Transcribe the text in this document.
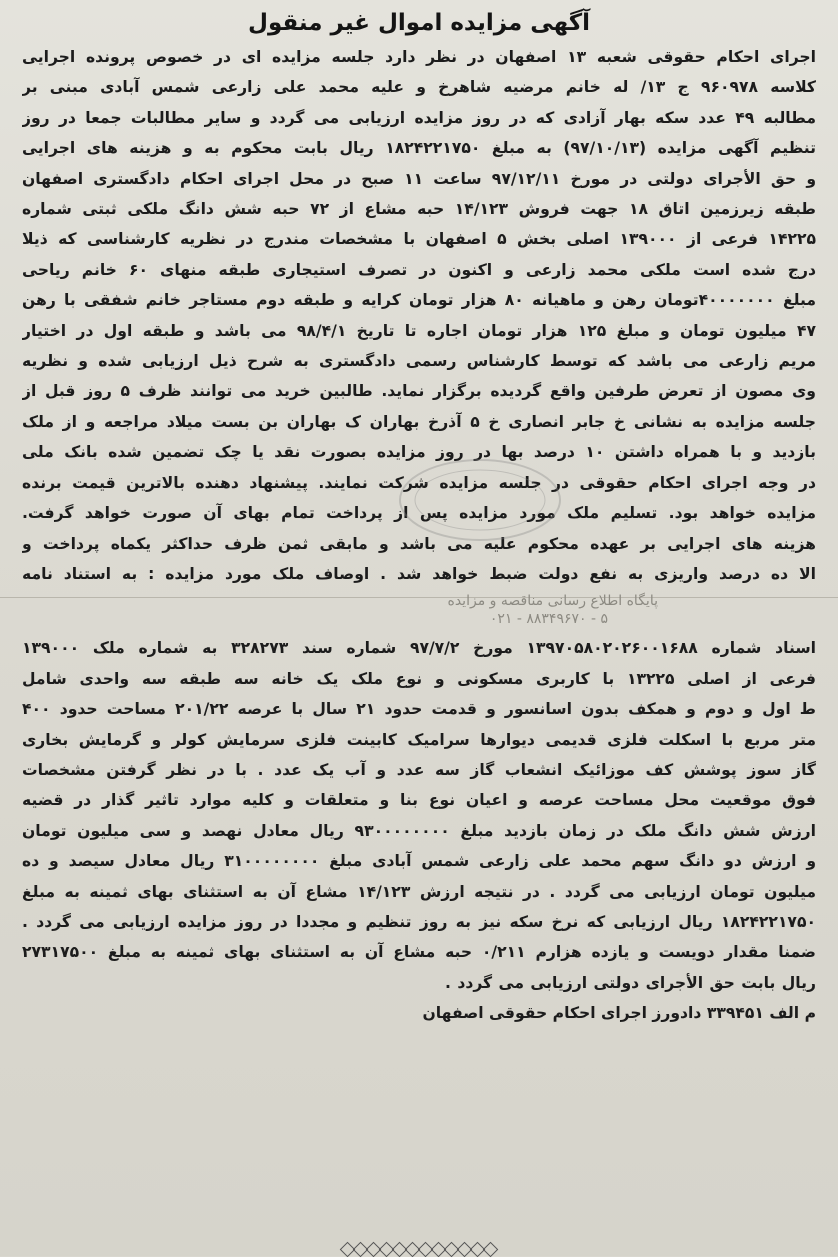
آگهی مزایده اموال غیر منقول
اجرای احکام حقوقی شعبه ۱۳ اصفهان در نظر دارد جلسه مزایده ای در خصوص پرونده اجرایی
کلاسه ۹۶۰۹۷۸ ج ۱۳/ له خانم مرضیه شاهرخ و علیه محمد علی زارعی شمس آبادی مبنی بر
مطالبه ۴۹ عدد سکه بهار آزادی که در روز مزایده ارزیابی می گردد و سایر مطالبات جمعا در روز
تنظیم آگهی مزایده (۹۷/۱۰/۱۳) به مبلغ ۱۸۲۴۲۲۱۷۵۰ ریال بابت محکوم به و هزینه های اجرایی
و حق الأجرای دولتی در مورخ ۹۷/۱۲/۱۱ ساعت ۱۱ صبح در محل اجرای احکام دادگستری اصفهان
طبقه زیرزمین اتاق ۱۸ جهت فروش ۱۴/۱۲۳ حبه مشاع از ۷۲ حبه شش دانگ ملکی ثبتی شماره
۱۴۲۲۵ فرعی از ۱۳۹۰۰۰ اصلی بخش ۵ اصفهان با مشخصات مندرج در نظریه کارشناسی که ذیلا
درج شده است ملکی محمد زارعی و اکنون در تصرف استیجاری طبقه منهای ۶۰ خانم ریاحی
مبلغ ۴۰۰۰۰۰۰۰تومان رهن و ماهیانه ۸۰ هزار تومان کرایه و طبقه دوم مستاجر خانم شفقی با رهن
۴۷ میلیون تومان و مبلغ ۱۲۵ هزار تومان اجاره تا تاریخ ۹۸/۴/۱ می باشد و طبقه اول در اختیار
مریم زارعی می باشد که توسط کارشناس رسمی دادگستری به شرح ذیل ارزیابی شده و نظریه
وی مصون از تعرض طرفین واقع گردیده برگزار نماید. طالبین خرید می توانند ظرف ۵ روز قبل از
جلسه مزایده به نشانی خ جابر انصاری خ ۵ آذرخ بهاران ک بهاران بن بست میلاد مراجعه و از ملک
بازدید و با همراه داشتن ۱۰ درصد بها در روز مزایده بصورت نقد یا چک تضمین شده بانک ملی
در وجه اجرای احکام حقوقی در جلسه مزایده شرکت نمایند. پیشنهاد دهنده بالاترین قیمت برنده
مزایده خواهد بود. تسلیم ملک مورد مزایده پس از پرداخت تمام بهای آن صورت خواهد گرفت.
هزینه های اجرایی بر عهده محکوم علیه می باشد و مابقی ثمن ظرف حداکثر یکماه پرداخت و
الا ده درصد واریزی به نفع دولت ضبط خواهد شد . اوصاف ملک مورد مزایده : به استناد نامه
پایگاه اطلاع رسانی مناقصه و مزایده
۰۲۱ - ۸۸۳۴۹۶۷۰ - ۵
اسناد شماره ۱۳۹۷۰۵۸۰۲۰۲۶۰۰۱۶۸۸ مورخ ۹۷/۷/۲ شماره سند ۳۲۸۲۷۳ به شماره ملک ۱۳۹۰۰۰
فرعی از اصلی ۱۳۲۲۵ با کاربری مسکونی و نوع ملک یک خانه سه طبقه سه واحدی شامل
ط اول و دوم و همکف بدون اسانسور و قدمت حدود ۲۱ سال با عرصه ۲۰۱/۲۲ مساحت حدود ۴۰۰
متر مربع با اسکلت فلزی قدیمی دیوارها سرامیک کابینت فلزی سرمایش کولر و گرمایش بخاری
گاز سوز پوشش کف موزائیک انشعاب گاز سه عدد و آب یک عدد . با در نظر گرفتن مشخصات
فوق موقعیت محل مساحت عرصه و اعیان نوع بنا و متعلقات و کلیه موارد تاثیر گذار در قضیه
ارزش شش دانگ ملک در زمان بازدید مبلغ ۹۳۰۰۰۰۰۰۰۰ ریال معادل نهصد و سی میلیون تومان
و ارزش دو دانگ سهم محمد علی زارعی شمس آبادی مبلغ ۳۱۰۰۰۰۰۰۰۰ ریال معادل سیصد و ده
میلیون تومان ارزیابی می گردد . در نتیجه ارزش ۱۴/۱۲۳ مشاع آن به استثنای بهای ثمینه به مبلغ
۱۸۲۴۲۲۱۷۵۰ ریال ارزیابی که نرخ سکه نیز به روز تنظیم و مجددا در روز مزایده ارزیابی می گردد .
ضمنا مقدار دویست و یازده هزارم ۰/۲۱۱ حبه مشاع آن به استثنای بهای ثمینه به مبلغ ۲۷۳۱۷۵۰۰
ریال بابت حق الأجرای دولتی ارزیابی می گردد .

م الف ۳۳۹۴۵۱ دادورز اجرای احکام حقوقی اصفهان
